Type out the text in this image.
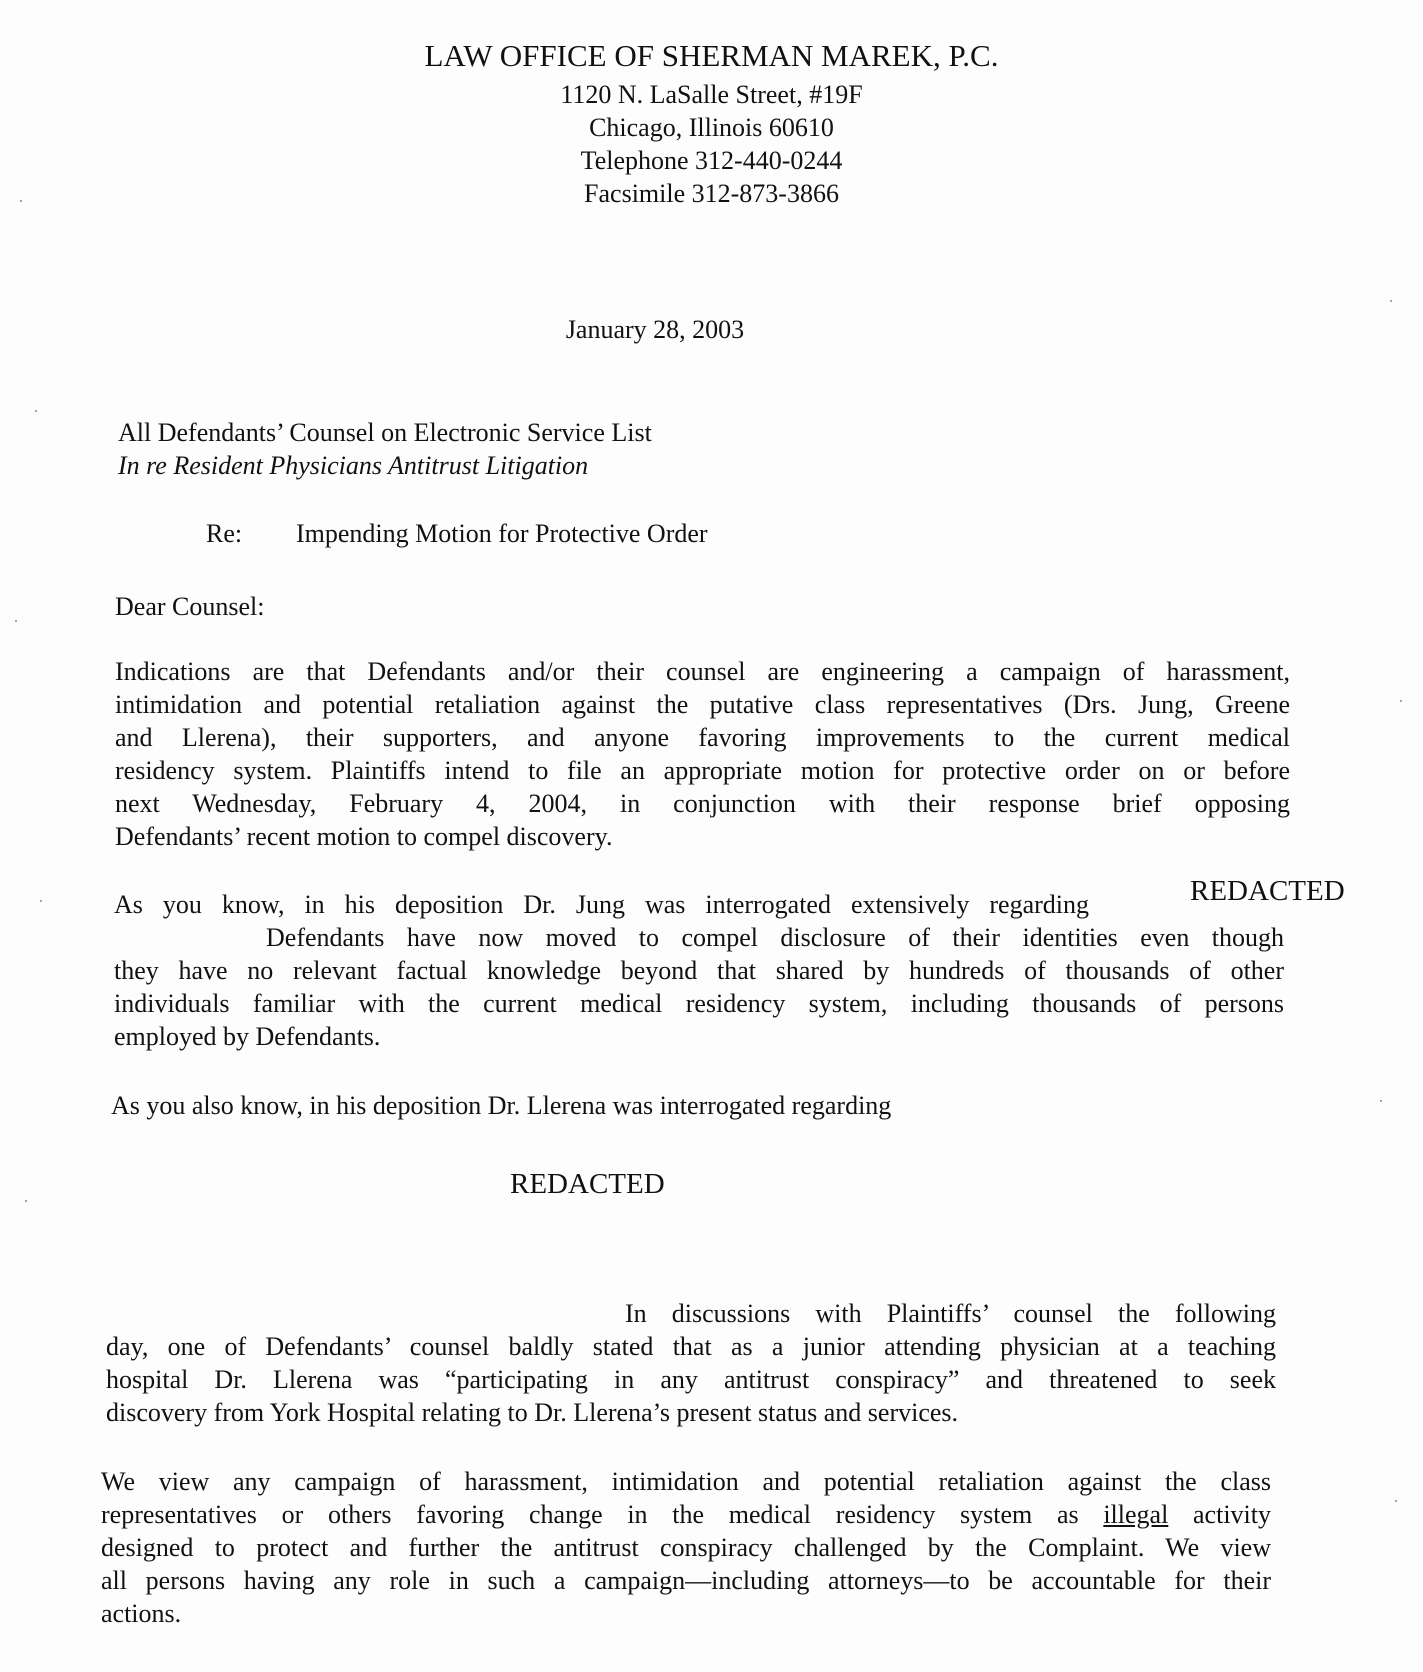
LAW OFFICE OF SHERMAN MAREK, P.C.
1120 N. LaSalle Street, #19F
Chicago, Illinois 60610
Telephone 312-440-0244
Facsimile 312-873-3866
January 28, 2003
All Defendants’ Counsel on Electronic Service List
In re Resident Physicians Antitrust Litigation
Re: Impending Motion for Protective Order
Dear Counsel:
Indications are that Defendants and/or their counsel are engineering a campaign of harassment,
intimidation and potential retaliation against the putative class representatives (Drs. Jung, Greene
and Llerena), their supporters, and anyone favoring improvements to the current medical
residency system. Plaintiffs intend to file an appropriate motion for protective order on or before
next Wednesday, February 4, 2004, in conjunction with their response brief opposing
Defendants’ recent motion to compel discovery.
As you know, in his deposition Dr. Jung was interrogated extensively regarding
Defendants have now moved to compel disclosure of their identities even though
they have no relevant factual knowledge beyond that shared by hundreds of thousands of other
individuals familiar with the current medical residency system, including thousands of persons
employed by Defendants.
REDACTED
As you also know, in his deposition Dr. Llerena was interrogated regarding
REDACTED
In discussions with Plaintiffs’ counsel the following
day, one of Defendants’ counsel baldly stated that as a junior attending physician at a teaching
hospital Dr. Llerena was “participating in any antitrust conspiracy” and threatened to seek
discovery from York Hospital relating to Dr. Llerena’s present status and services.
We view any campaign of harassment, intimidation and potential retaliation against the class
representatives or others favoring change in the medical residency system as illegal activity
designed to protect and further the antitrust conspiracy challenged by the Complaint. We view
all persons having any role in such a campaign—including attorneys—to be accountable for their
actions.
